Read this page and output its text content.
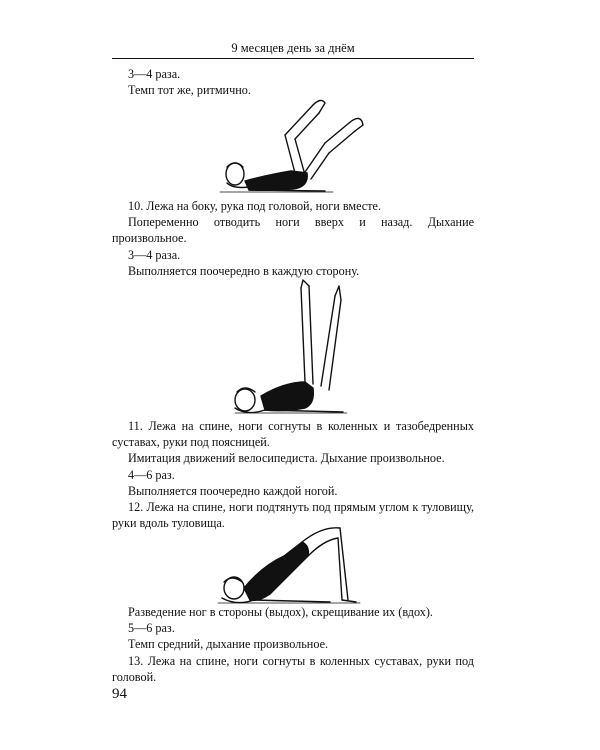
9 месяцев день за днём

3—4 раза.

Темп тот же, ритмично.

10. Лежа на боку, рука под головой, ноги вместе.

Попеременно отводить ноги вверх и назад. Дыхание произвольное.

3—4 раза.

Выполняется поочередно в каждую сторону.

11. Лежа на спине, ноги согнуты в коленных и тазобедренных суставах, руки под поясницей.

Имитация движений велосипедиста. Дыхание произвольное.

4—6 раз.

Выполняется поочередно каждой ногой.

12. Лежа на спине, ноги подтянуть под прямым углом к туловищу, руки вдоль туловища.

Разведение ног в стороны (выдох), скрещивание их (вдох).

5—6 раз.

Темп средний, дыхание произвольное.

13. Лежа на спине, ноги согнуты в коленных суставах, руки под головой.

94
